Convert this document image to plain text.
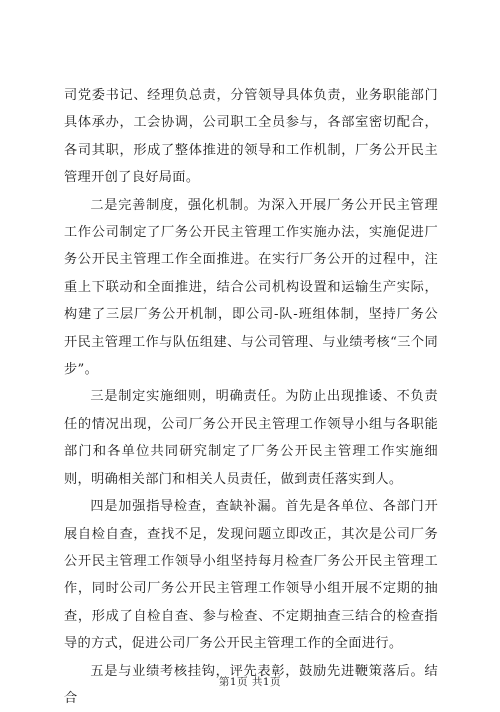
司党委书记、经理负总责，分管领导具体负责，业务职能部门具体承办，工会协调，公司职工全员参与，各部室密切配合，各司其职，形成了整体推进的领导和工作机制，厂务公开民主管理开创了良好局面。

二是完善制度，强化机制。为深入开展厂务公开民主管理工作公司制定了厂务公开民主管理工作实施办法，实施促进厂务公开民主管理工作全面推进。在实行厂务公开的过程中，注重上下联动和全面推进，结合公司机构设置和运输生产实际，构建了三层厂务公开机制，即公司-队-班组体制，坚持厂务公开民主管理工作与队伍组建、与公司管理、与业绩考核“三个同步”。

三是制定实施细则，明确责任。为防止出现推诿、不负责任的情况出现，公司厂务公开民主管理工作领导小组与各职能部门和各单位共同研究制定了厂务公开民主管理工作实施细则，明确相关部门和相关人员责任，做到责任落实到人。

四是加强指导检查，查缺补漏。首先是各单位、各部门开展自检自查，查找不足，发现问题立即改正，其次是公司厂务公开民主管理工作领导小组坚持每月检查厂务公开民主管理工作，同时公司厂务公开民主管理工作领导小组开展不定期的抽查，形成了自检自查、参与检查、不定期抽查三结合的检查指导的方式，促进公司厂务公开民主管理工作的全面进行。

五是与业绩考核挂钩，评先表彰，鼓励先进鞭策落后。结合

第1页 共1页
